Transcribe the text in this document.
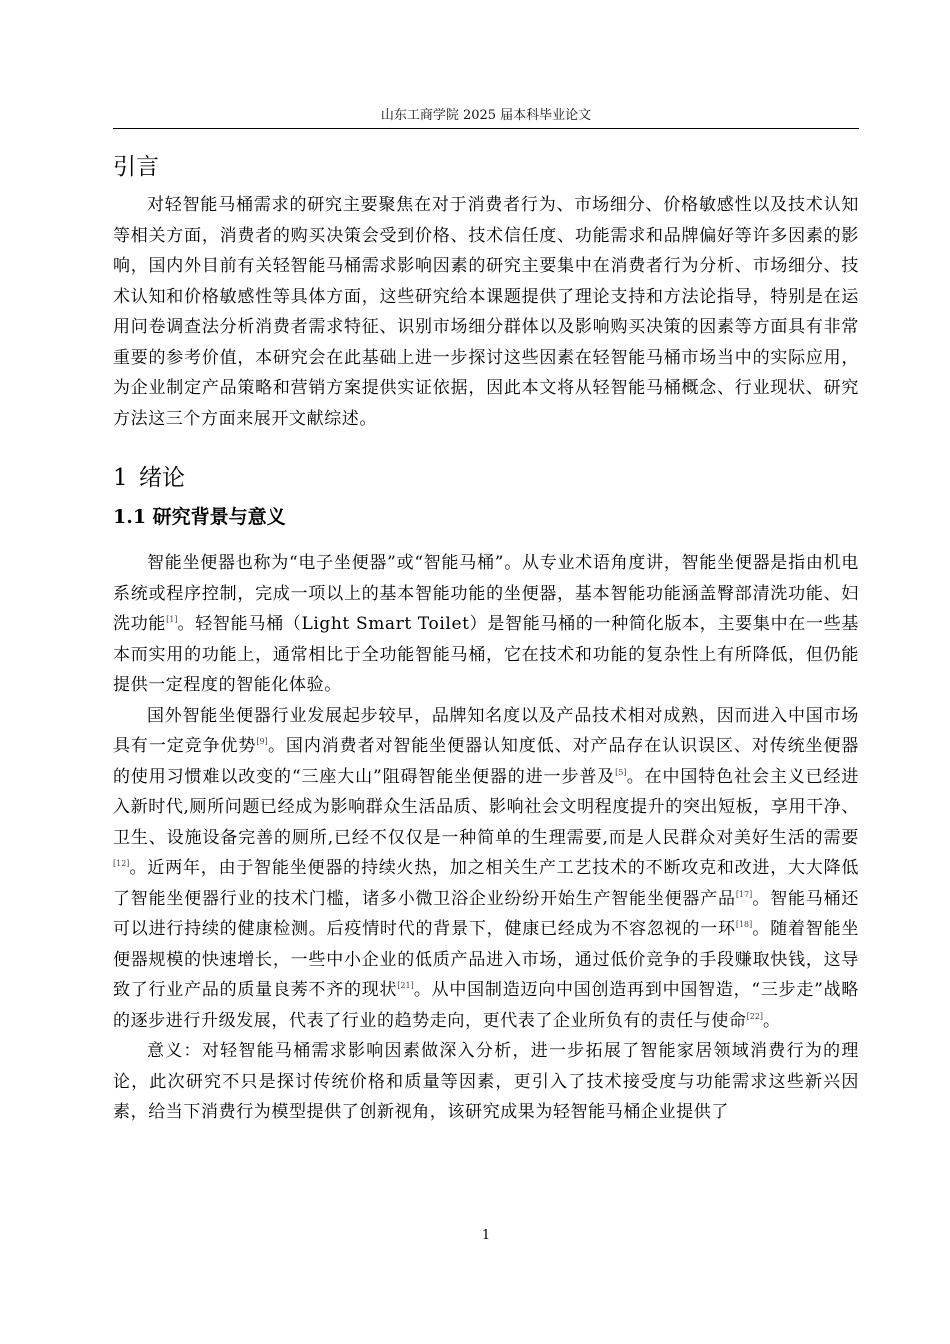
山东工商学院 2025 届本科毕业论文
引言

对轻智能马桶需求的研究主要聚焦在对于消费者行为、市场细分、价格敏感性以及技术认知等相关方面，消费者的购买决策会受到价格、技术信任度、功能需求和品牌偏好等许多因素的影响，国内外目前有关轻智能马桶需求影响因素的研究主要集中在消费者行为分析、市场细分、技术认知和价格敏感性等具体方面，这些研究给本课题提供了理论支持和方法论指导，特别是在运用问卷调查法分析消费者需求特征、识别市场细分群体以及影响购买决策的因素等方面具有非常重要的参考价值，本研究会在此基础上进一步探讨这些因素在轻智能马桶市场当中的实际应用，为企业制定产品策略和营销方案提供实证依据，因此本文将从轻智能马桶概念、行业现状、研究方法这三个方面来展开文献综述。

1 绪论
1.1 研究背景与意义

智能坐便器也称为“电子坐便器”或“智能马桶”。从专业术语角度讲，智能坐便器是指由机电系统或程序控制，完成一项以上的基本智能功能的坐便器，基本智能功能涵盖臀部清洗功能、妇洗功能[1]。轻智能马桶（Light Smart Toilet）是智能马桶的一种简化版本，主要集中在一些基本而实用的功能上，通常相比于全功能智能马桶，它在技术和功能的复杂性上有所降低，但仍能提供一定程度的智能化体验。

国外智能坐便器行业发展起步较早，品牌知名度以及产品技术相对成熟，因而进入中国市场具有一定竞争优势[9]。国内消费者对智能坐便器认知度低、对产品存在认识误区、对传统坐便器的使用习惯难以改变的“三座大山”阻碍智能坐便器的进一步普及[5]。在中国特色社会主义已经进入新时代,厕所问题已经成为影响群众生活品质、影响社会文明程度提升的突出短板，享用干净、卫生、设施设备完善的厕所,已经不仅仅是一种简单的生理需要,而是人民群众对美好生活的需要[12]。近两年，由于智能坐便器的持续火热，加之相关生产工艺技术的不断攻克和改进，大大降低了智能坐便器行业的技术门槛，诸多小微卫浴企业纷纷开始生产智能坐便器产品[17]。智能马桶还可以进行持续的健康检测。后疫情时代的背景下，健康已经成为不容忽视的一环[18]。随着智能坐便器规模的快速增长，一些中小企业的低质产品进入市场，通过低价竞争的手段赚取快钱，这导致了行业产品的质量良莠不齐的现状[21]。从中国制造迈向中国创造再到中国智造，“三步走”战略的逐步进行升级发展，代表了行业的趋势走向，更代表了企业所负有的责任与使命[22]。

意义：对轻智能马桶需求影响因素做深入分析，进一步拓展了智能家居领域消费行为的理论，此次研究不只是探讨传统价格和质量等因素，更引入了技术接受度与功能需求这些新兴因素，给当下消费行为模型提供了创新视角，该研究成果为轻智能马桶企业提供了

1
